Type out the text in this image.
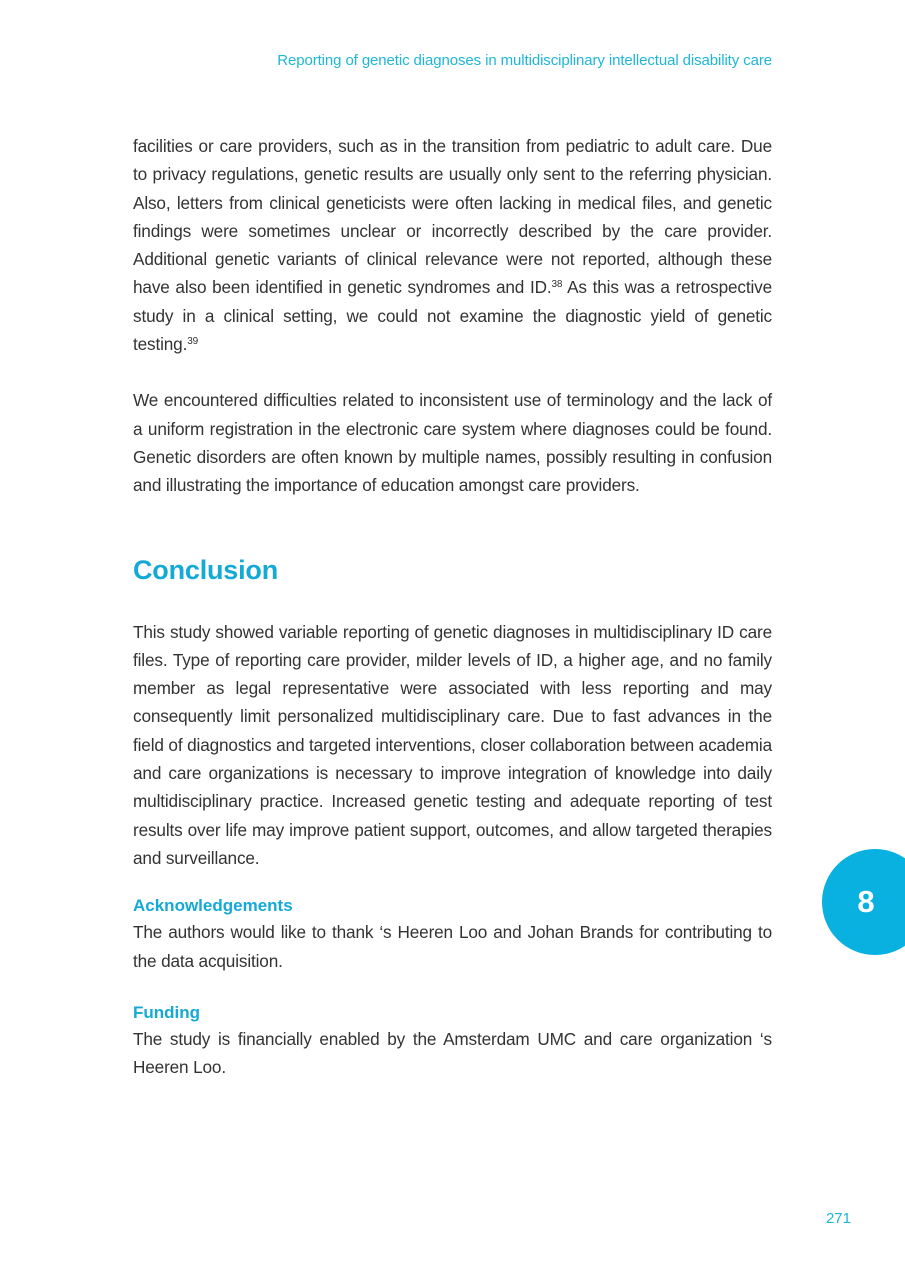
Reporting of genetic diagnoses in multidisciplinary intellectual disability care

facilities or care providers, such as in the transition from pediatric to adult care. Due to privacy regulations, genetic results are usually only sent to the referring physician. Also, letters from clinical geneticists were often lacking in medical files, and genetic findings were sometimes unclear or incorrectly described by the care provider. Additional genetic variants of clinical relevance were not reported, although these have also been identified in genetic syndromes and ID.$^{38}$ As this was a retrospective study in a clinical setting, we could not examine the diagnostic yield of genetic testing.$^{39}$

We encountered difficulties related to inconsistent use of terminology and the lack of a uniform registration in the electronic care system where diagnoses could be found. Genetic disorders are often known by multiple names, possibly resulting in confusion and illustrating the importance of education amongst care providers.

Conclusion

This study showed variable reporting of genetic diagnoses in multidisciplinary ID care files. Type of reporting care provider, milder levels of ID, a higher age, and no family member as legal representative were associated with less reporting and may consequently limit personalized multidisciplinary care. Due to fast advances in the field of diagnostics and targeted interventions, closer collaboration between academia and care organizations is necessary to improve integration of knowledge into daily multidisciplinary practice. Increased genetic testing and adequate reporting of test results over life may improve patient support, outcomes, and allow targeted therapies and surveillance.

Acknowledgements

The authors would like to thank ‘s Heeren Loo and Johan Brands for contributing to the data acquisition.

Funding

The study is financially enabled by the Amsterdam UMC and care organization ‘s Heeren Loo.

8
271
